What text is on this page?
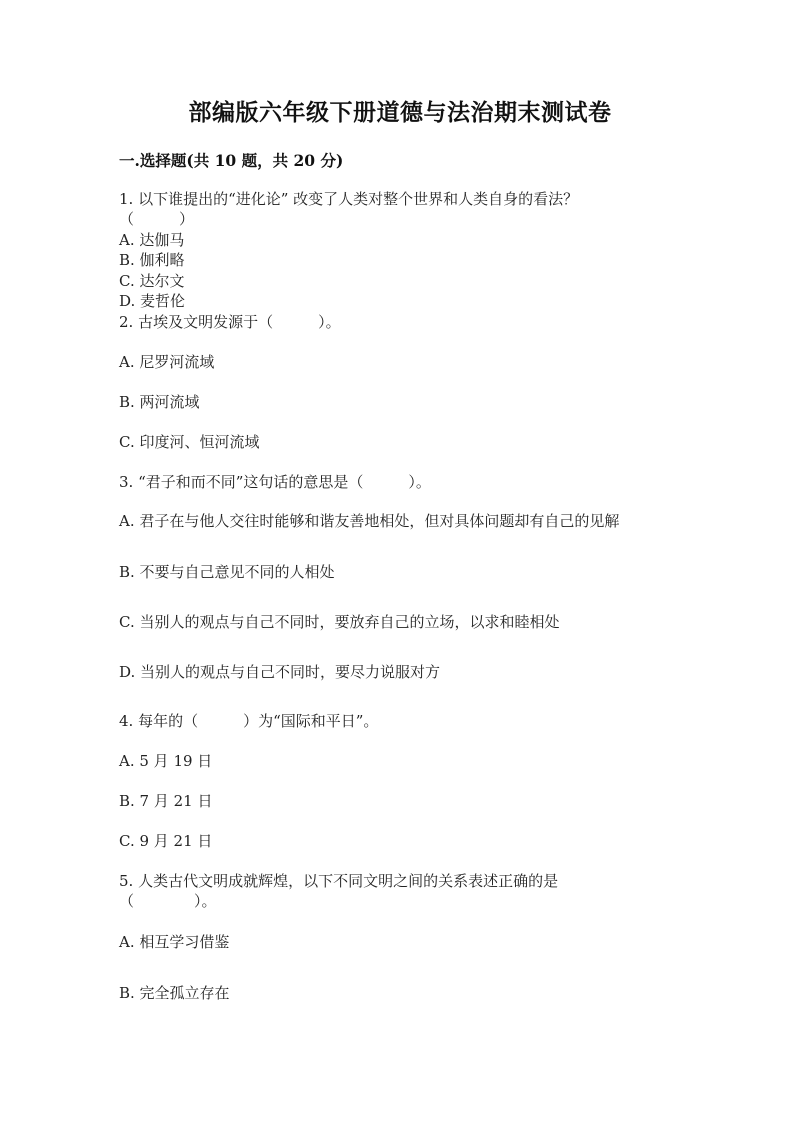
部编版六年级下册道德与法治期末测试卷
一.选择题(共 10 题，共 20 分)
1. 以下谁提出的“进化论” 改变了人类对整个世界和人类自身的看法？
（　　　）
A. 达伽马
B. 伽利略
C. 达尔文
D. 麦哲伦
2. 古埃及文明发源于（　　　）。
A. 尼罗河流域
B. 两河流域
C. 印度河、恒河流域
3. “君子和而不同”这句话的意思是（　　　）。
A. 君子在与他人交往时能够和谐友善地相处，但对具体问题却有自己的见解
B. 不要与自己意见不同的人相处
C. 当别人的观点与自己不同时，要放弃自己的立场，以求和睦相处
D. 当别人的观点与自己不同时，要尽力说服对方
4. 每年的（　　　）为“国际和平日”。
A. 5 月 19 日
B. 7 月 21 日
C. 9 月 21 日
5. 人类古代文明成就辉煌，以下不同文明之间的关系表述正确的是
（　　　　）。
A. 相互学习借鉴
B. 完全孤立存在
